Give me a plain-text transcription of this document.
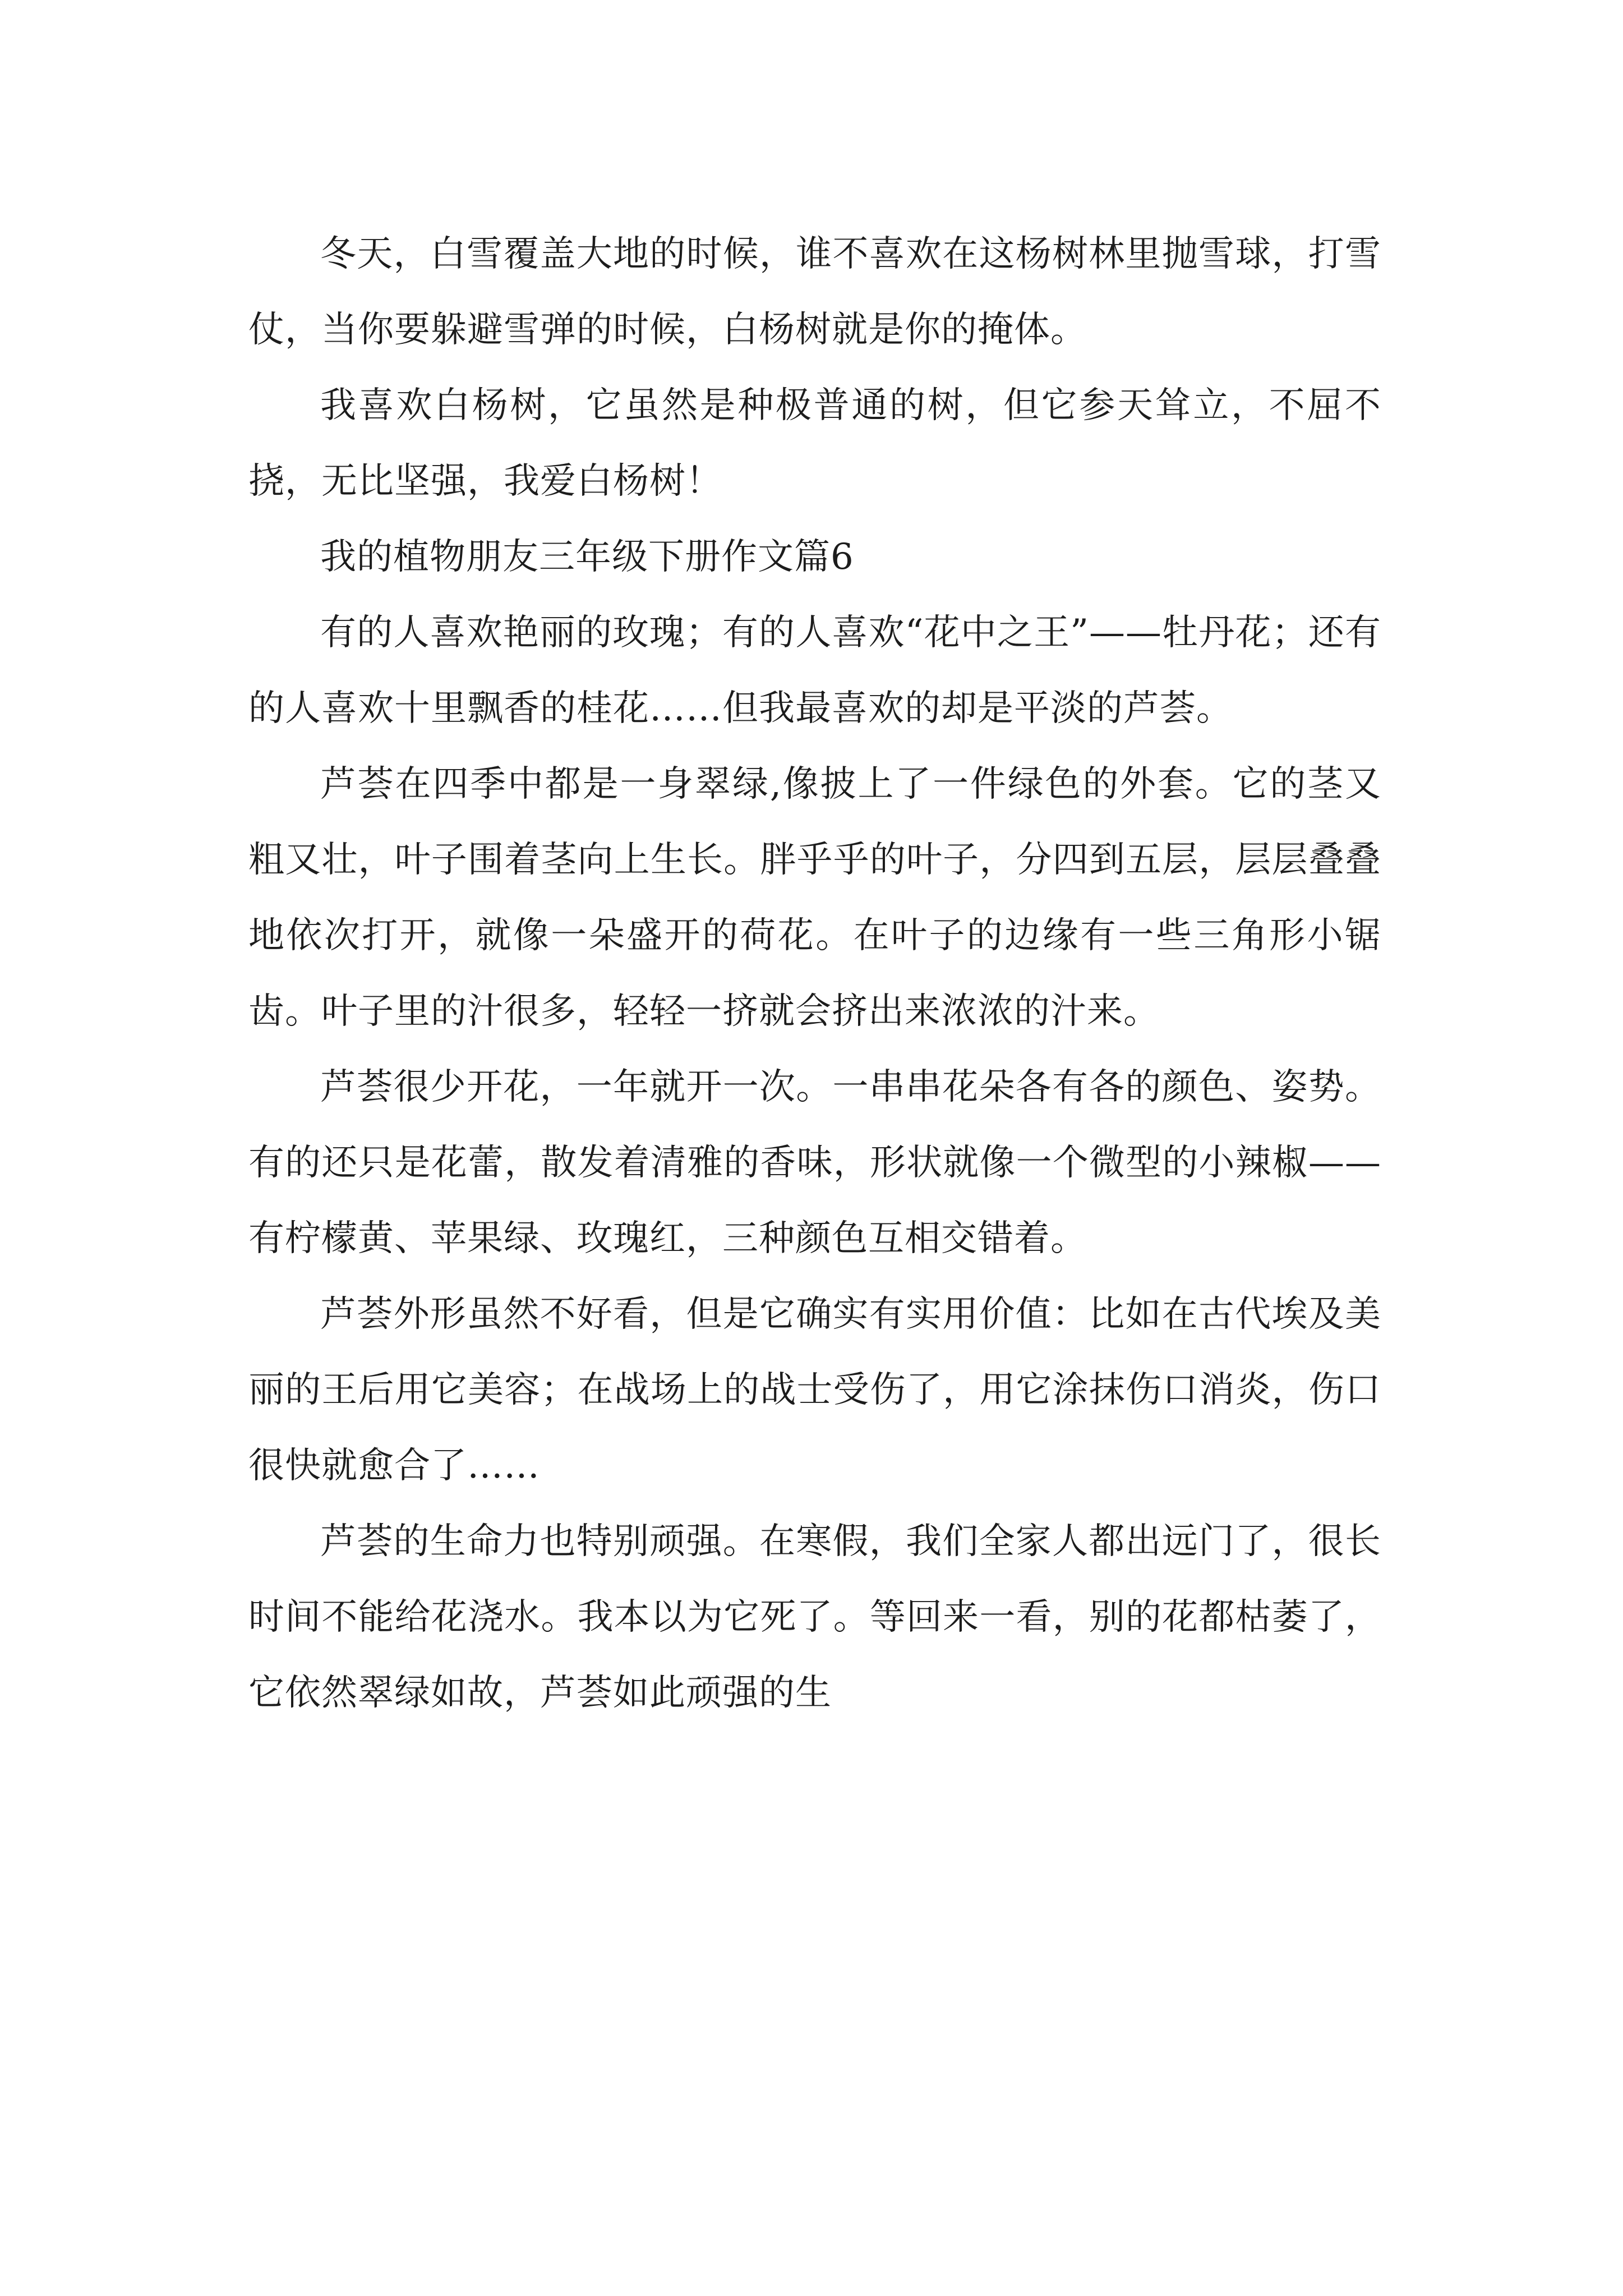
冬天，白雪覆盖大地的时候，谁不喜欢在这杨树林里抛雪球，打雪仗，当你要躲避雪弹的时候，白杨树就是你的掩体。

我喜欢白杨树，它虽然是种极普通的树，但它参天耸立，不屈不挠，无比坚强，我爱白杨树！

我的植物朋友三年级下册作文篇6

有的人喜欢艳丽的玫瑰；有的人喜欢“花中之王”——牡丹花；还有的人喜欢十里飘香的桂花……但我最喜欢的却是平淡的芦荟。

芦荟在四季中都是一身翠绿,像披上了一件绿色的外套。它的茎又粗又壮，叶子围着茎向上生长。胖乎乎的叶子，分四到五层，层层叠叠地依次打开，就像一朵盛开的荷花。在叶子的边缘有一些三角形小锯齿。叶子里的汁很多，轻轻一挤就会挤出来浓浓的汁来。

芦荟很少开花，一年就开一次。一串串花朵各有各的颜色、姿势。有的还只是花蕾，散发着清雅的香味，形状就像一个微型的小辣椒——有柠檬黄、苹果绿、玫瑰红，三种颜色互相交错着。

芦荟外形虽然不好看，但是它确实有实用价值：比如在古代埃及美丽的王后用它美容；在战场上的战士受伤了，用它涂抹伤口消炎，伤口很快就愈合了……

芦荟的生命力也特别顽强。在寒假，我们全家人都出远门了，很长时间不能给花浇水。我本以为它死了。等回来一看，别的花都枯萎了，它依然翠绿如故，芦荟如此顽强的生
